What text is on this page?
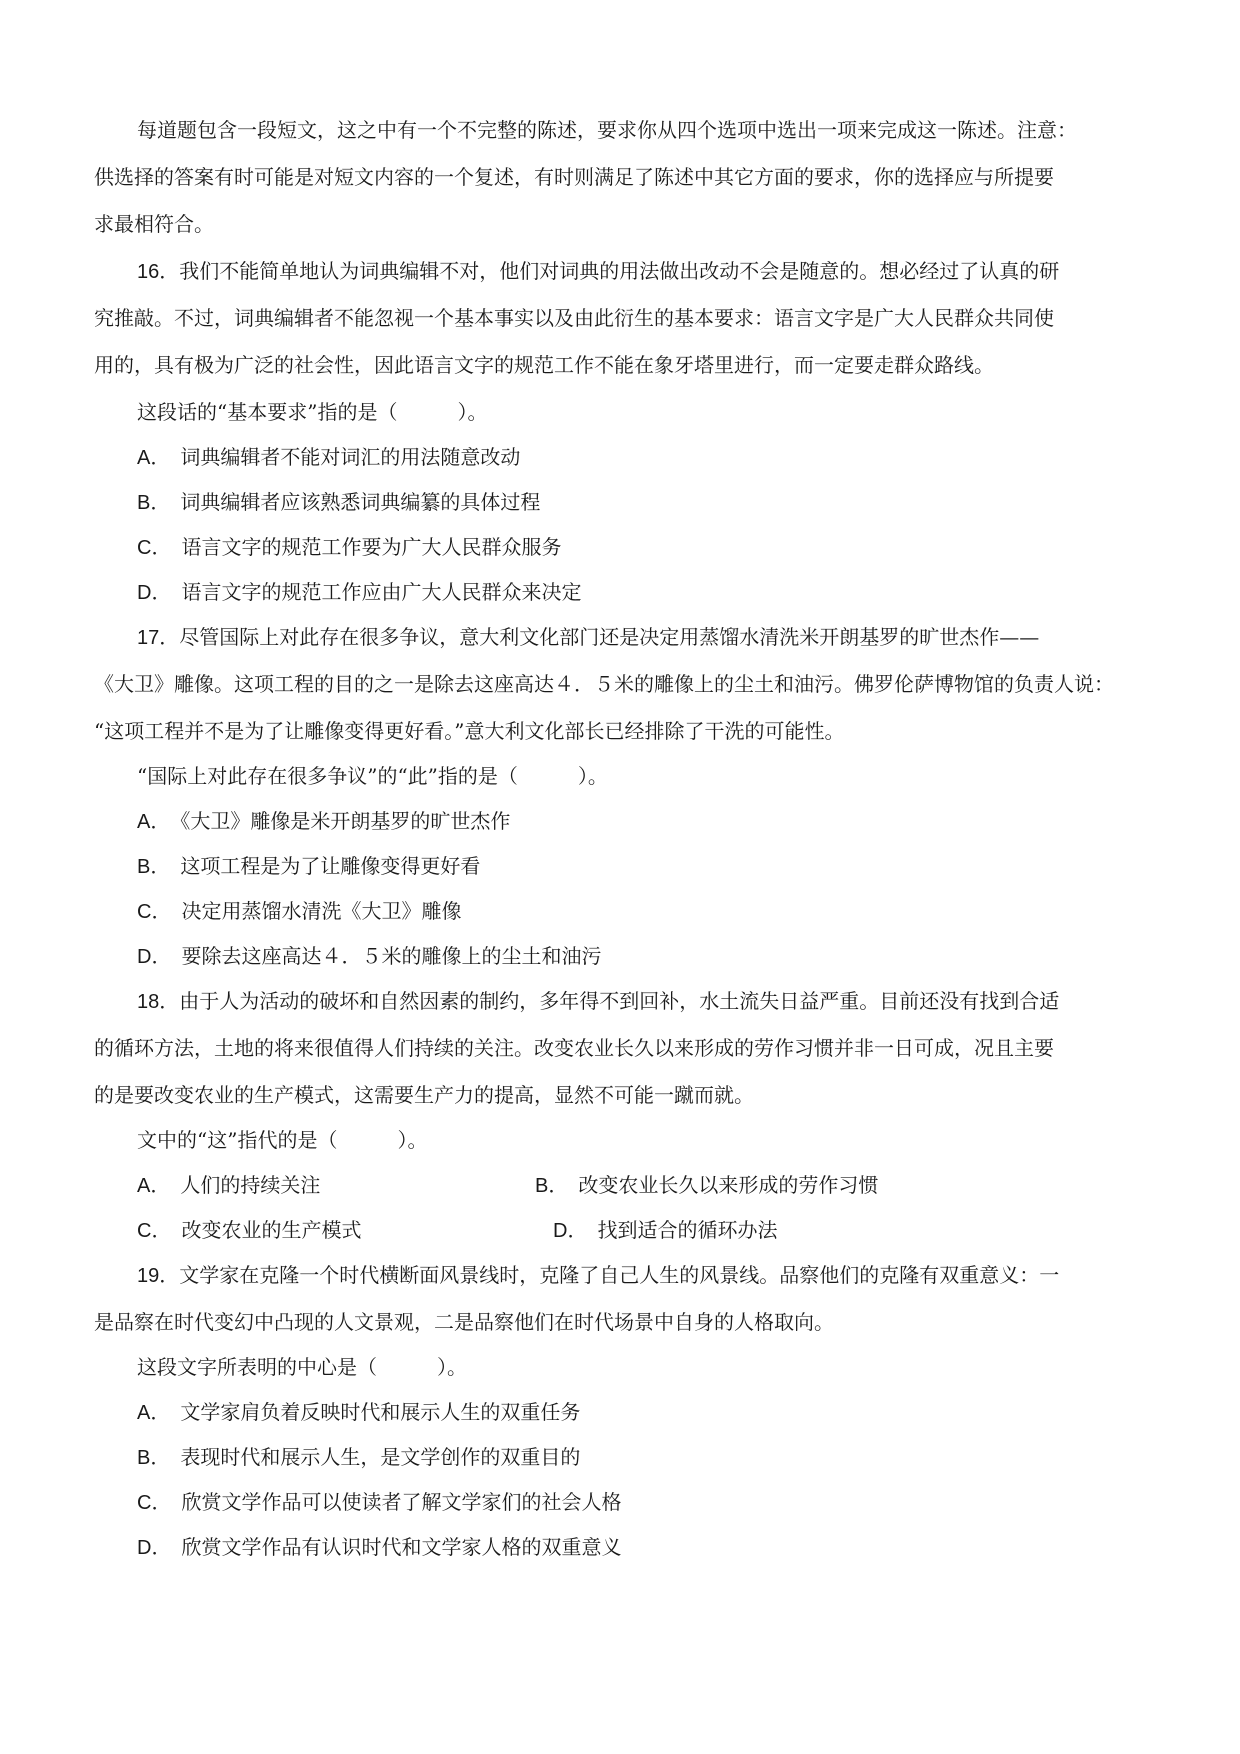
每道题包含一段短文，这之中有一个不完整的陈述，要求你从四个选项中选出一项来完成这一陈述。注意：
供选择的答案有时可能是对短文内容的一个复述，有时则满足了陈述中其它方面的要求，你的选择应与所提要
求最相符合。
16．我们不能简单地认为词典编辑不对，他们对词典的用法做出改动不会是随意的。想必经过了认真的研
究推敲。不过，词典编辑者不能忽视一个基本事实以及由此衍生的基本要求：语言文字是广大人民群众共同使
用的，具有极为广泛的社会性，因此语言文字的规范工作不能在象牙塔里进行，而一定要走群众路线。
这段话的“基本要求”指的是（　　　）。
A． 词典编辑者不能对词汇的用法随意改动
B． 词典编辑者应该熟悉词典编纂的具体过程
C． 语言文字的规范工作要为广大人民群众服务
D． 语言文字的规范工作应由广大人民群众来决定
17．尽管国际上对此存在很多争议，意大利文化部门还是决定用蒸馏水清洗米开朗基罗的旷世杰作——
《大卫》雕像。这项工程的目的之一是除去这座高达４．５米的雕像上的尘土和油污。佛罗伦萨博物馆的负责人说：
“这项工程并不是为了让雕像变得更好看。”意大利文化部长已经排除了干洗的可能性。
“国际上对此存在很多争议”的“此”指的是（　　　）。
A． 《大卫》雕像是米开朗基罗的旷世杰作
B． 这项工程是为了让雕像变得更好看
C． 决定用蒸馏水清洗《大卫》雕像
D． 要除去这座高达４．５米的雕像上的尘土和油污
18．由于人为活动的破坏和自然因素的制约，多年得不到回补，水土流失日益严重。目前还没有找到合适
的循环方法，土地的将来很值得人们持续的关注。改变农业长久以来形成的劳作习惯并非一日可成，况且主要
的是要改变农业的生产模式，这需要生产力的提高，显然不可能一蹴而就。
文中的“这”指代的是（　　　）。
A． 人们的持续关注	B． 改变农业长久以来形成的劳作习惯
C． 改变农业的生产模式	D． 找到适合的循环办法
19．文学家在克隆一个时代横断面风景线时，克隆了自己人生的风景线。品察他们的克隆有双重意义：一
是品察在时代变幻中凸现的人文景观，二是品察他们在时代场景中自身的人格取向。
这段文字所表明的中心是（　　　）。
A． 文学家肩负着反映时代和展示人生的双重任务
B． 表现时代和展示人生，是文学创作的双重目的
C． 欣赏文学作品可以使读者了解文学家们的社会人格
D． 欣赏文学作品有认识时代和文学家人格的双重意义
